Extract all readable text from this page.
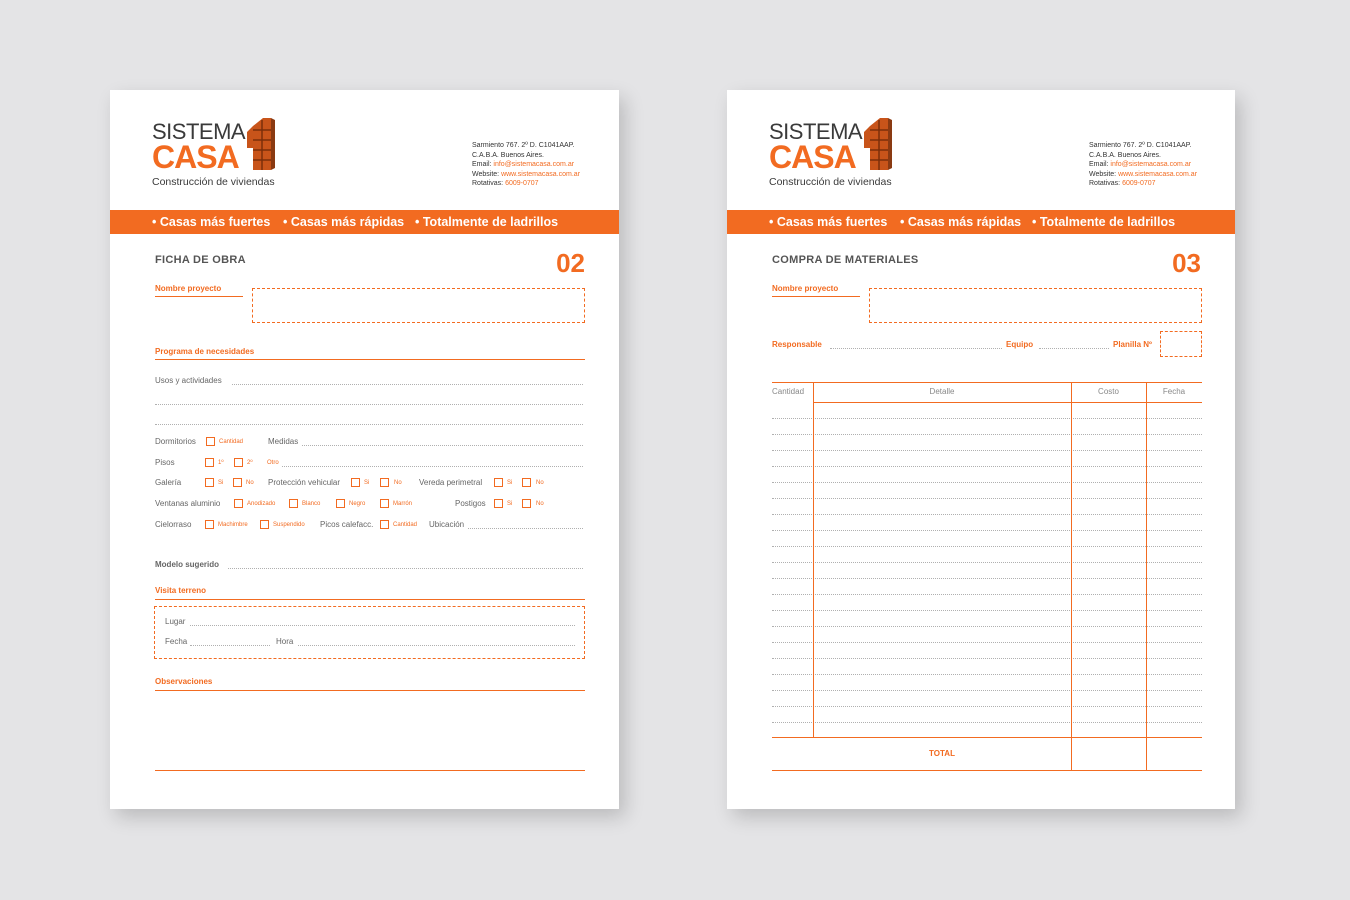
SISTEMA
CASA
Construcción de viviendas
Sarmiento 767. 2º D. C1041AAP.
C.A.B.A. Buenos Aires.
Email: info@sistemacasa.com.ar
Website: www.sistemacasa.com.ar
Rotativas: 6009-0707
• Casas más fuertes • Casas más rápidas • Totalmente de ladrillos
FICHA DE OBRA	02
Nombre proyecto
Programa de necesidades
Usos y actividades
Dormitorios	Cantidad	Medidas
Pisos	1º	2º Otro
Galería	Si	No Protección vehicular	Si	No Vereda perimetral	Si	No
Ventanas aluminio	Anodizado	Blanco	Negro	Marrón	Postigos	Si	No
Cielorraso	Machimbre	Suspendido Picos calefacc.	Cantidad Ubicación
Modelo sugerido
Visita terreno
Lugar
Fecha	Hora
Observaciones
SISTEMA
CASA
Construcción de viviendas
Sarmiento 767. 2º D. C1041AAP.
C.A.B.A. Buenos Aires.
Email: info@sistemacasa.com.ar
Website: www.sistemacasa.com.ar
Rotativas: 6009-0707
• Casas más fuertes • Casas más rápidas • Totalmente de ladrillos
COMPRA DE MATERIALES	03
Nombre proyecto
Responsable	Equipo	Planilla Nº
Cantidad	Detalle	Costo	Fecha
TOTAL
